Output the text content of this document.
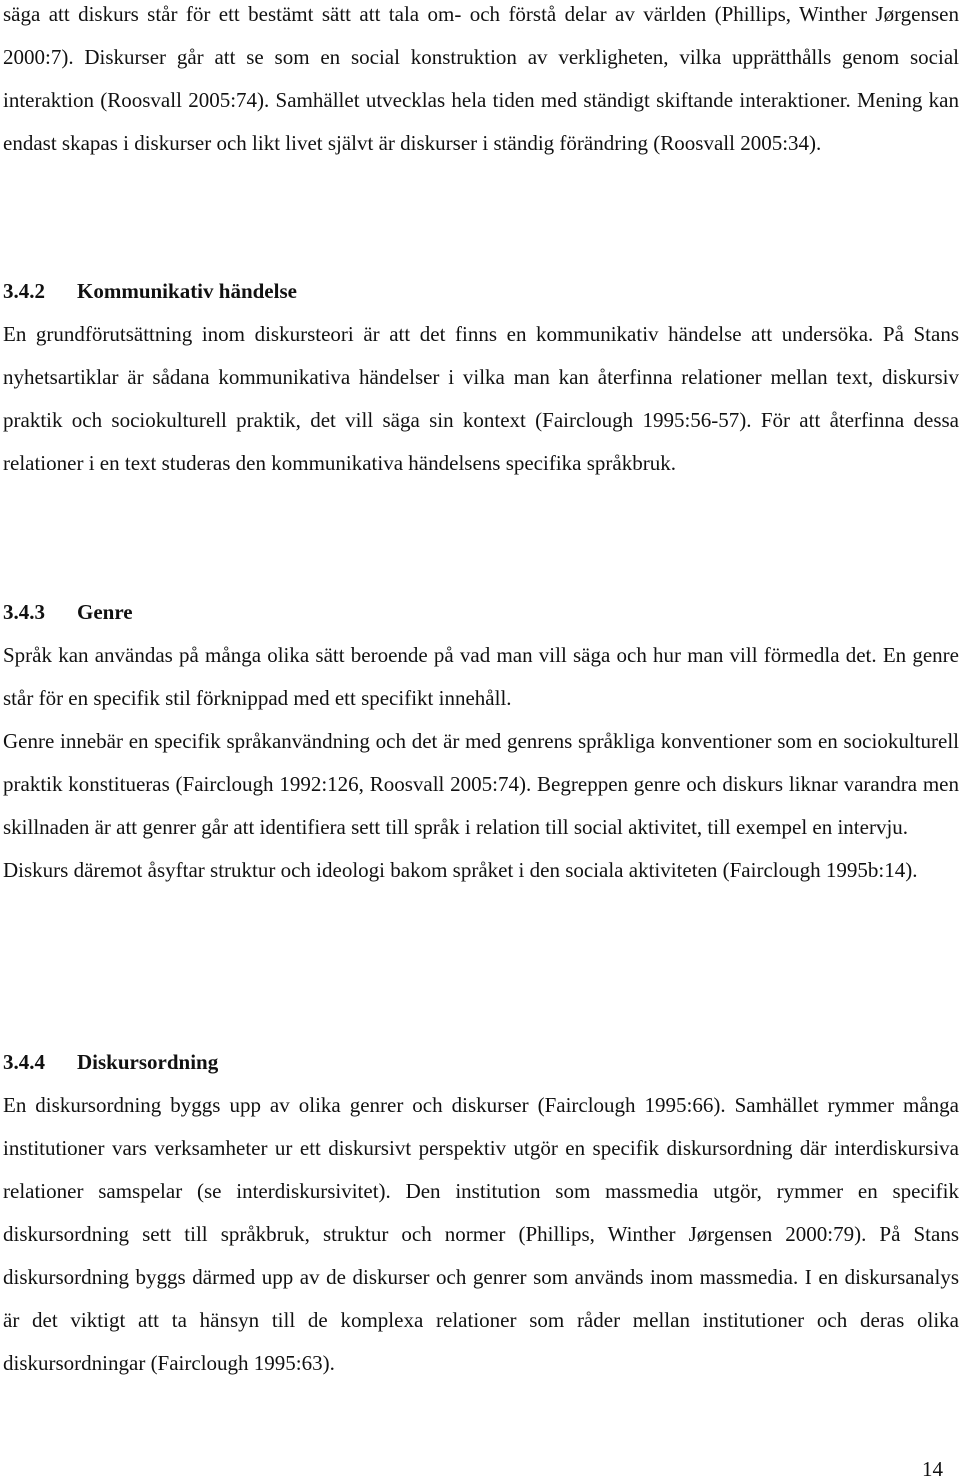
säga att diskurs står för ett bestämt sätt att tala om- och förstå delar av världen (Phillips, Winther Jørgensen 2000:7). Diskurser går att se som en social konstruktion av verkligheten, vilka upprätthålls genom social interaktion (Roosvall 2005:74). Samhället utvecklas hela tiden med ständigt skiftande interaktioner. Mening kan endast skapas i diskurser och likt livet självt är diskurser i ständig förändring (Roosvall 2005:34).

3.4.2 Kommunikativ händelse

En grundförutsättning inom diskursteori är att det finns en kommunikativ händelse att undersöka. På Stans nyhetsartiklar är sådana kommunikativa händelser i vilka man kan återfinna relationer mellan text, diskursiv praktik och sociokulturell praktik, det vill säga sin kontext (Fairclough 1995:56-57). För att återfinna dessa relationer i en text studeras den kommunikativa händelsens specifika språkbruk.

3.4.3 Genre

Språk kan användas på många olika sätt beroende på vad man vill säga och hur man vill förmedla det. En genre står för en specifik stil förknippad med ett specifikt innehåll.

Genre innebär en specifik språkanvändning och det är med genrens språkliga konventioner som en sociokulturell praktik konstitueras (Fairclough 1992:126, Roosvall 2005:74). Begreppen genre och diskurs liknar varandra men skillnaden är att genrer går att identifiera sett till språk i relation till social aktivitet, till exempel en intervju.

Diskurs däremot åsyftar struktur och ideologi bakom språket i den sociala aktiviteten (Fairclough 1995b:14).

3.4.4 Diskursordning

En diskursordning byggs upp av olika genrer och diskurser (Fairclough 1995:66). Samhället rymmer många institutioner vars verksamheter ur ett diskursivt perspektiv utgör en specifik diskursordning där interdiskursiva relationer samspelar (se interdiskursivitet). Den institution som massmedia utgör, rymmer en specifik diskursordning sett till språkbruk, struktur och normer (Phillips, Winther Jørgensen 2000:79). På Stans diskursordning byggs därmed upp av de diskurser och genrer som används inom massmedia. I en diskursanalys är det viktigt att ta hänsyn till de komplexa relationer som råder mellan institutioner och deras olika diskursordningar (Fairclough 1995:63).

14
